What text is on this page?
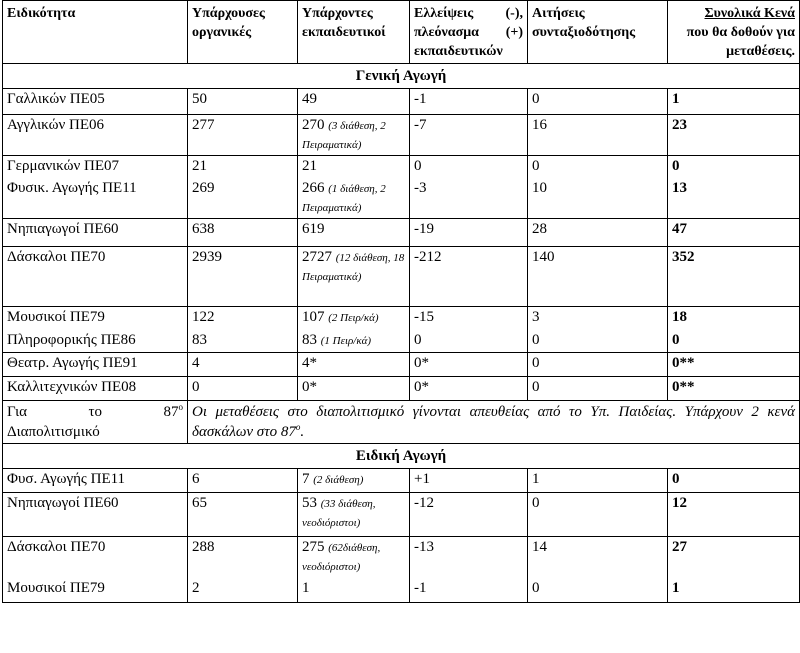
Ειδικότητα	Υπάρχουσες οργανικές	Υπάρχοντες εκπαιδευτικοί	Ελλείψεις (-), πλεόνασμα (+) εκπαιδευτικών	Αιτήσεις συνταξιοδότησης	Συνολικά Κενά
που θα δοθούν για μεταθέσεις.
Γενική Αγωγή					
Γαλλικών ΠΕ05	50	49	-1	0	1
Αγγλικών ΠΕ06	277	270 (3 διάθεση, 2 Πειραματικά)	-7	16	23
Γερμανικών ΠΕ07	21	21	0	0	0
Φυσικ. Αγωγής ΠΕ11	269	266 (1 διάθεση, 2 Πειραματικά)	-3	10	13
Νηπιαγωγοί ΠΕ60	638	619	-19	28	47
Δάσκαλοι ΠΕ70	2939	2727 (12 διάθεση, 18 Πειραματικά)	-212	140	352
Μουσικοί ΠΕ79	122	107 (2 Πειρ/κά)	-15	3	18
Πληροφορικής ΠΕ86	83	83 (1 Πειρ/κά)	0	0	0
Θεατρ. Αγωγής ΠΕ91	4	4*	0*	0	0**
Καλλιτεχνικών ΠΕ08	0	0*	0*	0	0**

Για το $87^o$
Διαπολιτισμικό	Οι μεταθέσεις στο διαπολιτισμικό γίνονται απευθείας από το Υπ. Παιδείας. Υπάρχουν 2 κενά δασκάλων στο $87^o$.				
Ειδική Αγωγή					
Φυσ. Αγωγής ΠΕ11	6	7 (2 διάθεση)	+1	1	0
Νηπιαγωγοί ΠΕ60	65	53 (33 διάθεση, νεοδιόριστοι)	-12	0	12
Δάσκαλοι ΠΕ70	288	275 (62διάθεση, νεοδιόριστοι)	-13	14	27
Μουσικοί ΠΕ79	2	1	-1	0	1
